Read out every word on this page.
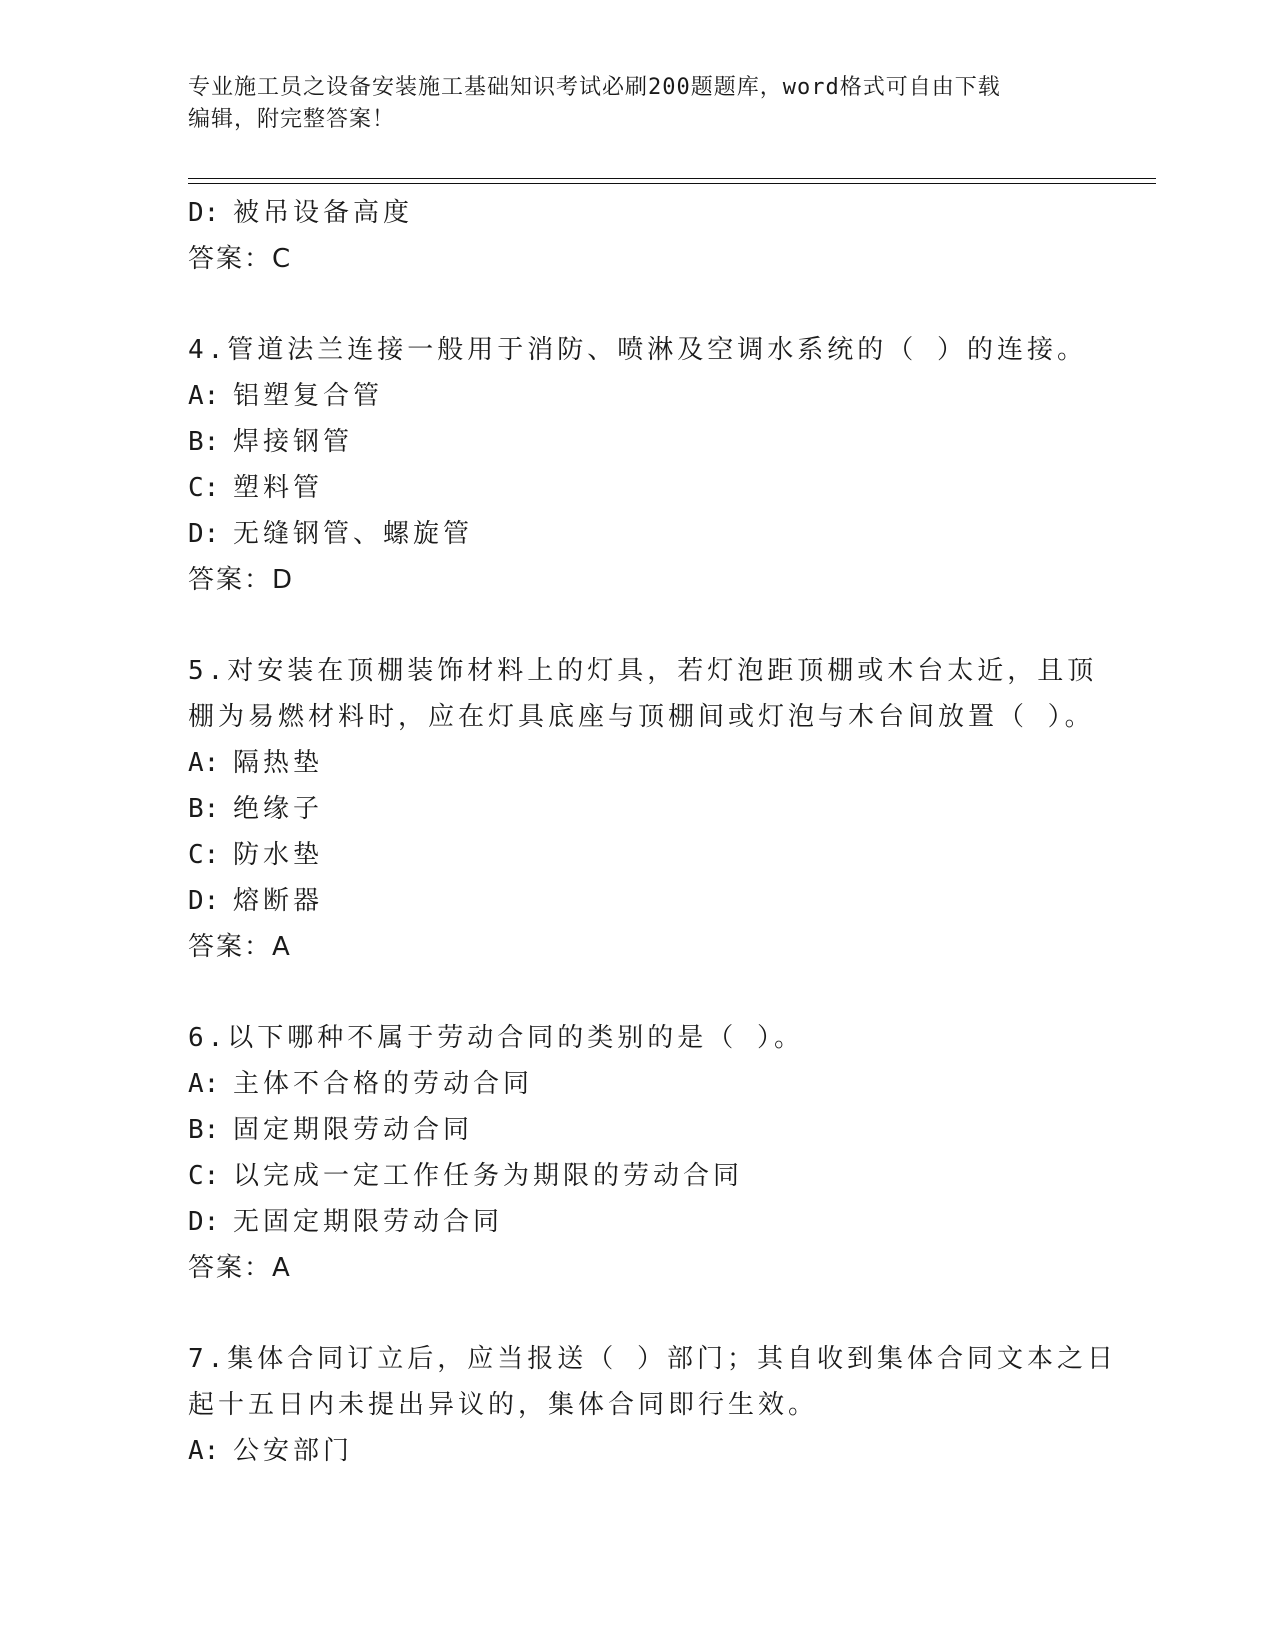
专业施工员之设备安装施工基础知识考试必刷200题题库，word格式可自由下载
编辑，附完整答案！
D: 被吊设备高度
答案：C
4.管道法兰连接一般用于消防、喷淋及空调水系统的（ ）的连接。
A: 铝塑复合管
B: 焊接钢管
C: 塑料管
D: 无缝钢管、螺旋管
答案：D
5.对安装在顶棚装饰材料上的灯具，若灯泡距顶棚或木台太近，且顶
棚为易燃材料时，应在灯具底座与顶棚间或灯泡与木台间放置（ ）。
A: 隔热垫
B: 绝缘子
C: 防水垫
D: 熔断器
答案：A
6.以下哪种不属于劳动合同的类别的是（ ）。
A: 主体不合格的劳动合同
B: 固定期限劳动合同
C: 以完成一定工作任务为期限的劳动合同
D: 无固定期限劳动合同
答案：A
7.集体合同订立后，应当报送（ ）部门；其自收到集体合同文本之日
起十五日内未提出异议的，集体合同即行生效。
A: 公安部门
